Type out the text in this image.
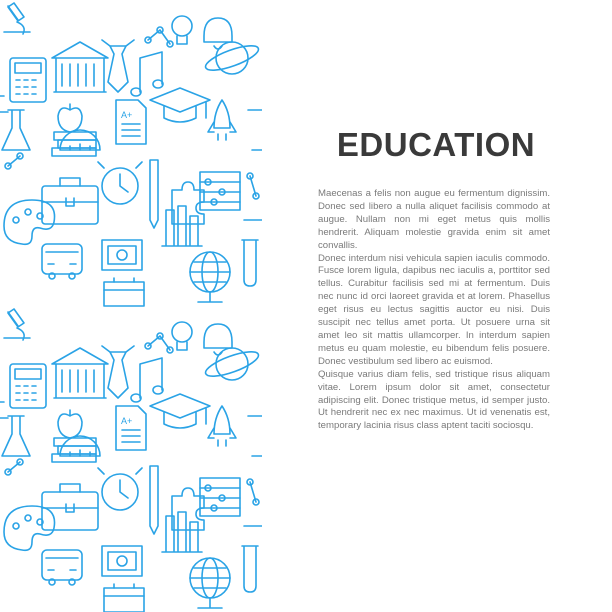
A+
A+
EDUCATION

Maecenas a felis non augue eu fermentum dignissim. Donec sed libero a nulla aliquet facilisis commodo at augue. Nullam non mi eget metus quis mollis hendrerit. Aliquam molestie gravida enim sit amet convallis.

Donec interdum nisi vehicula sapien iaculis commodo. Fusce lorem ligula, dapibus nec iaculis a, porttitor sed tellus. Curabitur facilisis sed mi at fermentum. Duis nec nunc id orci laoreet gravida et at lorem. Phasellus eget risus eu lectus sagittis auctor eu nisi. Duis suscipit nec tellus amet porta. Ut posuere urna sit amet leo sit mattis ullamcorper. In interdum sapien metus eu quam molestie, eu bibendum felis posuere. Donec vestibulum sed libero ac euismod.

Quisque varius diam felis, sed tristique risus aliquam vitae. Lorem ipsum dolor sit amet, consectetur adipiscing elit. Donec tristique metus, id semper justo. Ut hendrerit nec ex nec maximus. Ut id venenatis est, temporary lacinia risus class aptent taciti sociosqu.
